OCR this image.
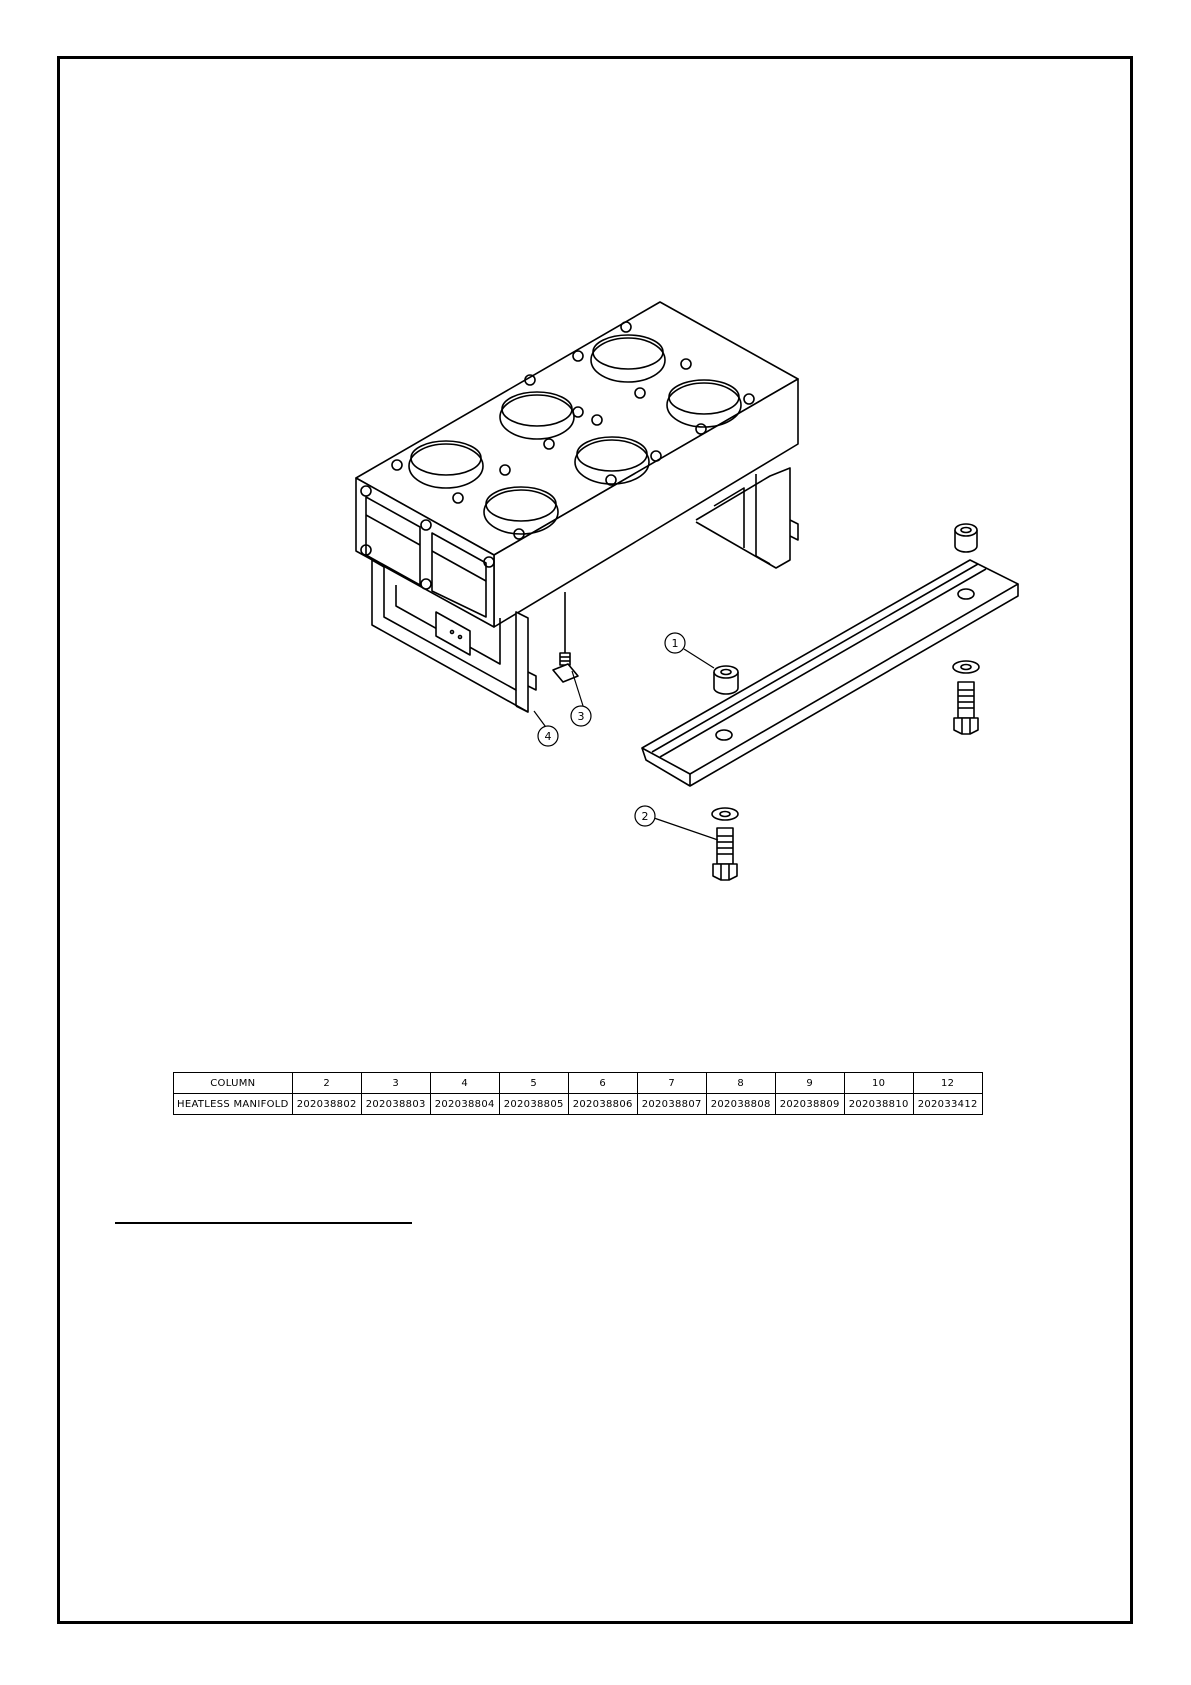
1
2
3
4
COLUMN	2	3	4	5	6	7	8	9	10	12
HEATLESS MANIFOLD	202038802	202038803	202038804	202038805	202038806	202038807	202038808	202038809	202038810	202033412
